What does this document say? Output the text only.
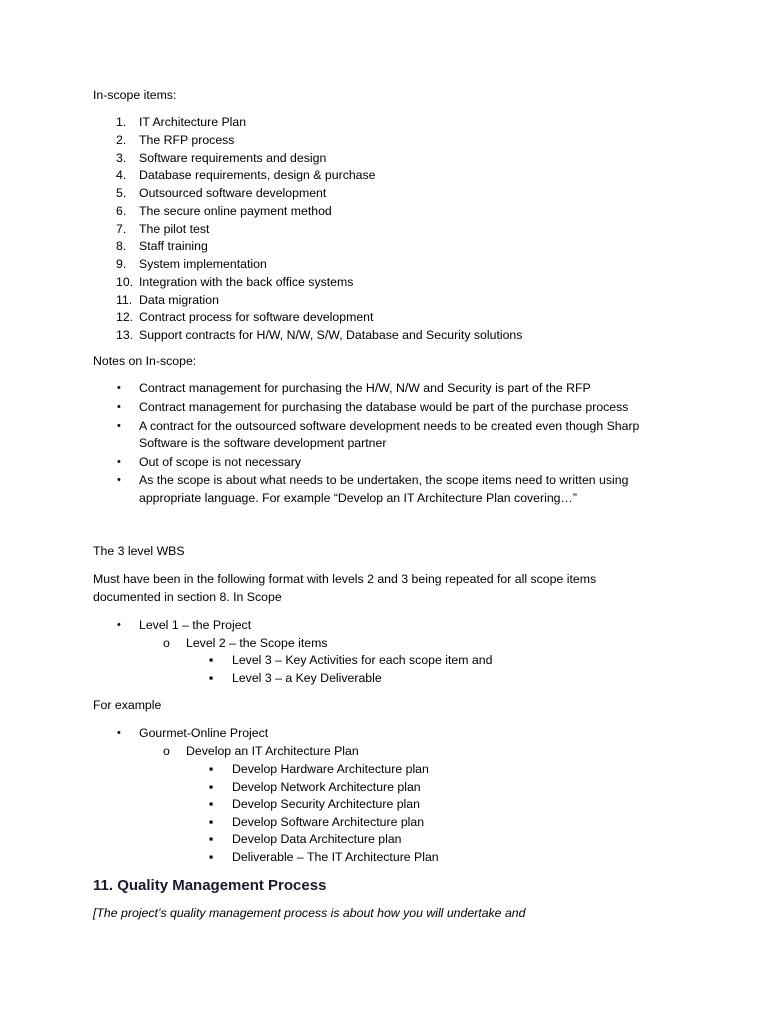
In-scope items:
1. IT Architecture Plan
2. The RFP process
3. Software requirements and design
4. Database requirements, design & purchase
5. Outsourced software development
6. The secure online payment method
7. The pilot test
8. Staff training
9. System implementation
10. Integration with the back office systems
11. Data migration
12. Contract process for software development
13. Support contracts for H/W, N/W, S/W, Database and Security solutions
Notes on In-scope:
• Contract management for purchasing the H/W, N/W and Security is part of the RFP
• Contract management for purchasing the database would be part of the purchase process
• A contract for the outsourced software development needs to be created even though Sharp
Software is the software development partner
• Out of scope is not necessary
• As the scope is about what needs to be undertaken, the scope items need to written using
appropriate language. For example “Develop an IT Architecture Plan covering…”
The 3 level WBS
Must have been in the following format with levels 2 and 3 being repeated for all scope items
documented in section 8. In Scope
• Level 1 – the Project
o Level 2 – the Scope items
▪ Level 3 – Key Activities for each scope item and
▪ Level 3 – a Key Deliverable
For example
• Gourmet-Online Project
o Develop an IT Architecture Plan
▪ Develop Hardware Architecture plan
▪ Develop Network Architecture plan
▪ Develop Security Architecture plan
▪ Develop Software Architecture plan
▪ Develop Data Architecture plan
▪ Deliverable – The IT Architecture Plan
11. Quality Management Process
[The project’s quality management process is about how you will undertake and
